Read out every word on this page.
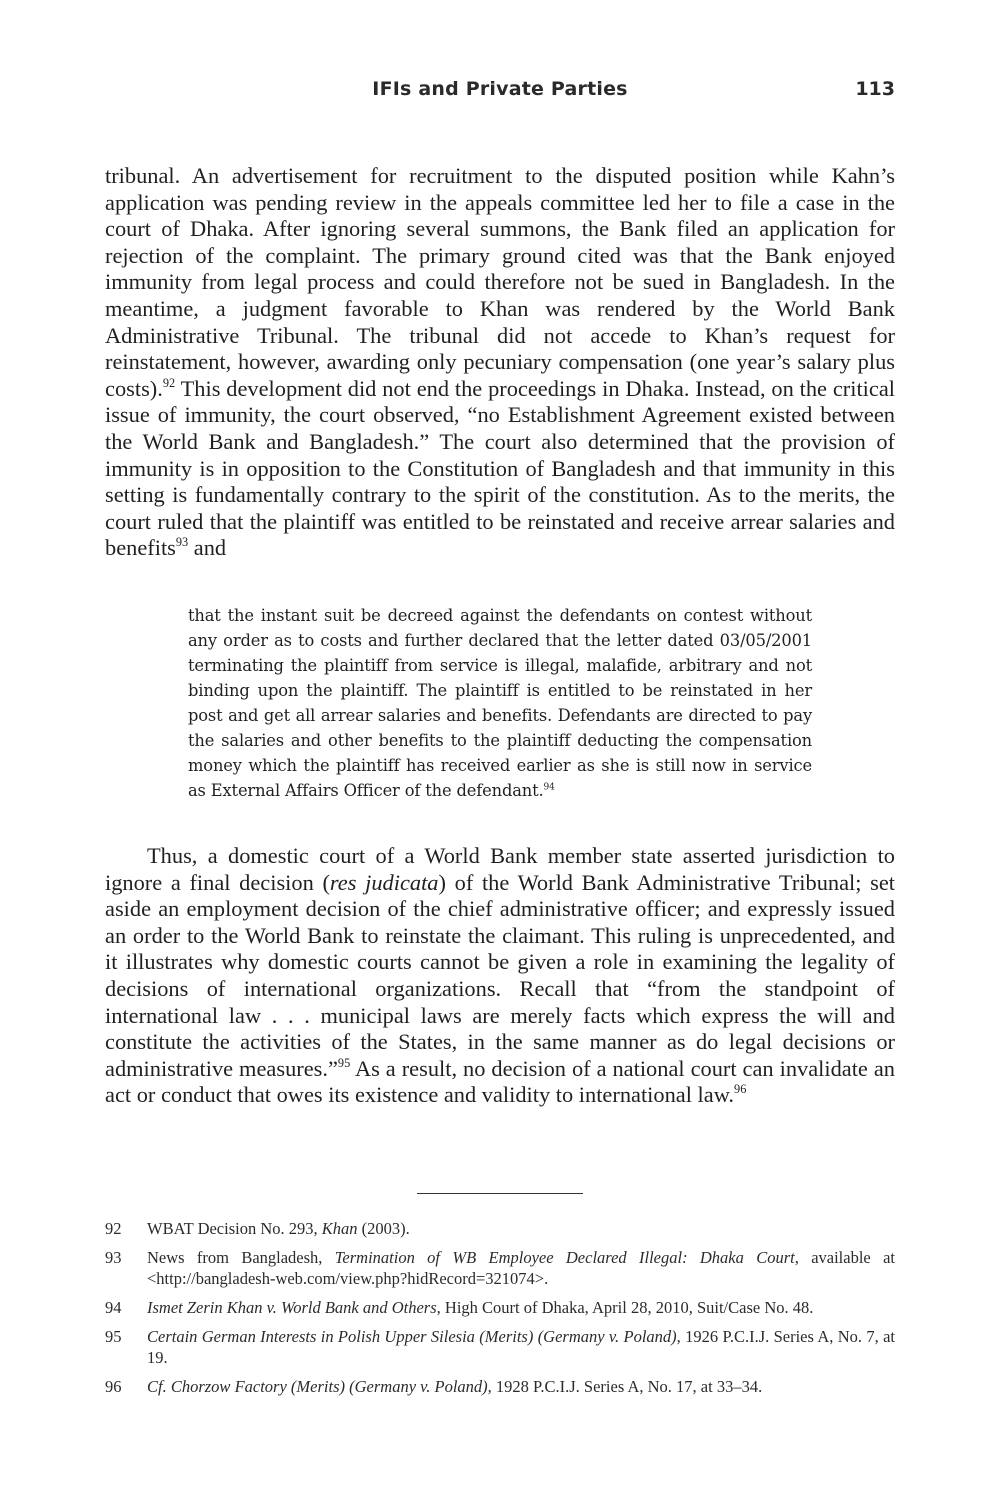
IFIs and Private Parties	113

tribunal. An advertisement for recruitment to the disputed position while Kahn’s application was pending review in the appeals committee led her to file a case in the court of Dhaka. After ignoring several summons, the Bank filed an application for rejection of the complaint. The primary ground cited was that the Bank enjoyed immunity from legal process and could therefore not be sued in Bangladesh. In the meantime, a judgment favorable to Khan was rendered by the World Bank Administrative Tribunal. The tribunal did not accede to Khan’s request for reinstatement, however, awarding only pecuniary compensation (one year’s salary plus costs).$^{92}$ This development did not end the proceedings in Dhaka. Instead, on the critical issue of immunity, the court observed, “no Establishment Agreement existed between the World Bank and Bangladesh.” The court also determined that the provision of immunity is in opposition to the Constitution of Bangladesh and that immunity in this setting is fundamentally contrary to the spirit of the constitution. As to the merits, the court ruled that the plaintiff was entitled to be reinstated and receive arrear salaries and benefits$^{93}$ and

that the instant suit be decreed against the defendants on contest without any order as to costs and further declared that the letter dated 03/05/2001 terminating the plaintiff from service is illegal, malafide, arbitrary and not binding upon the plaintiff. The plaintiff is entitled to be reinstated in her post and get all arrear salaries and benefits. Defendants are directed to pay the salaries and other benefits to the plaintiff deducting the compensation money which the plaintiff has received earlier as she is still now in service as External Affairs Officer of the defendant.$^{94}$

Thus, a domestic court of a World Bank member state asserted jurisdiction to ignore a final decision (res judicata) of the World Bank Administrative Tribunal; set aside an employment decision of the chief administrative officer; and expressly issued an order to the World Bank to reinstate the claimant. This ruling is unprecedented, and it illustrates why domestic courts cannot be given a role in examining the legality of decisions of international organizations. Recall that “from the standpoint of international law . . . municipal laws are merely facts which express the will and constitute the activities of the States, in the same manner as do legal decisions or administrative measures.”$^{95}$ As a result, no decision of a national court can invalidate an act or conduct that owes its existence and validity to international law.$^{96}$

92 WBAT Decision No. 293, Khan (2003).
93 News from Bangladesh, Termination of WB Employee Declared Illegal: Dhaka Court, available at <http://bangladesh-web.com/view.php?hidRecord=321074>.
94 Ismet Zerin Khan v. World Bank and Others, High Court of Dhaka, April 28, 2010, Suit/Case No. 48.
95 Certain German Interests in Polish Upper Silesia (Merits) (Germany v. Poland), 1926 P.C.I.J. Series A, No. 7, at 19.
96 Cf. Chorzow Factory (Merits) (Germany v. Poland), 1928 P.C.I.J. Series A, No. 17, at 33–34.
